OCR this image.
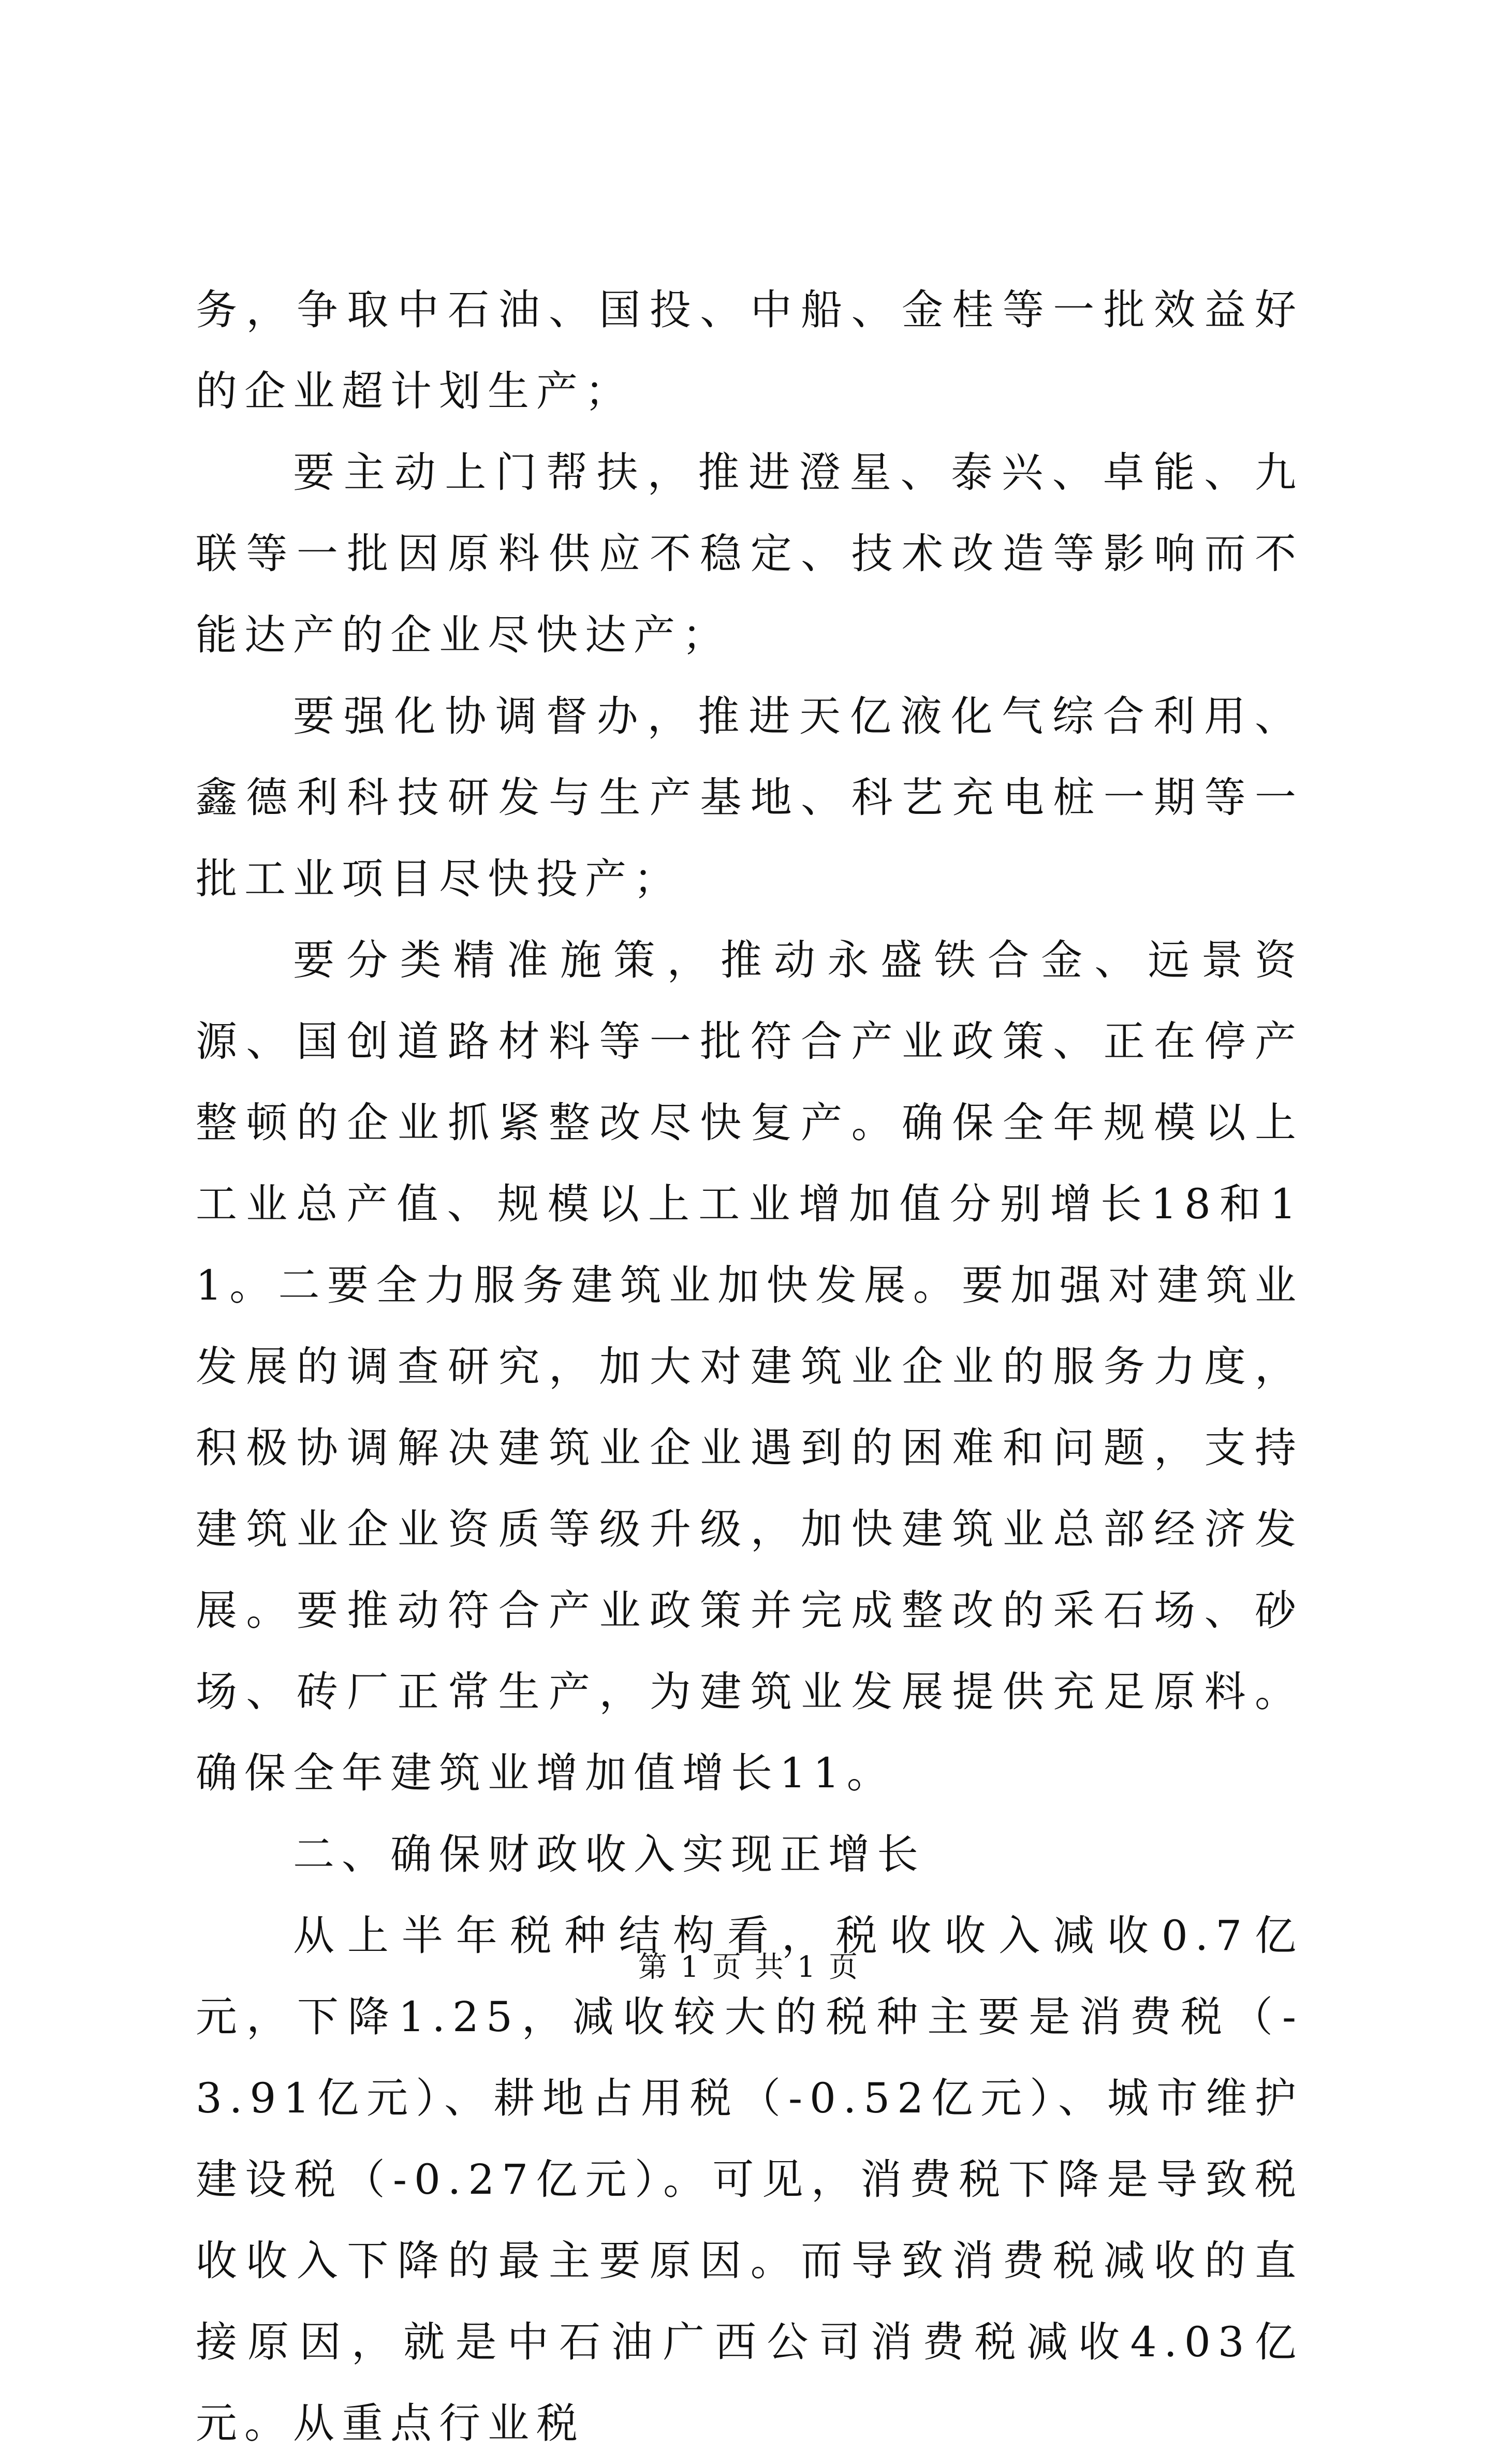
务，争取中石油、国投、中船、金桂等一批效益好的企业超计划生产；

要主动上门帮扶，推进澄星、泰兴、卓能、九联等一批因原料供应不稳定、技术改造等影响而不能达产的企业尽快达产；

要强化协调督办，推进天亿液化气综合利用、鑫德利科技研发与生产基地、科艺充电桩一期等一批工业项目尽快投产；

要分类精准施策，推动永盛铁合金、远景资源、国创道路材料等一批符合产业政策、正在停产整顿的企业抓紧整改尽快复产。确保全年规模以上工业总产值、规模以上工业增加值分别增长18和11。二要全力服务建筑业加快发展。要加强对建筑业发展的调查研究，加大对建筑业企业的服务力度，积极协调解决建筑业企业遇到的困难和问题，支持建筑业企业资质等级升级，加快建筑业总部经济发展。要推动符合产业政策并完成整改的采石场、砂场、砖厂正常生产，为建筑业发展提供充足原料。确保全年建筑业增加值增长11。

二、确保财政收入实现正增长

从上半年税种结构看，税收收入减收0.7亿元，下降1.25，减收较大的税种主要是消费税（-3.91亿元）、耕地占用税（-0.52亿元）、城市维护建设税（-0.27亿元）。可见，消费税下降是导致税收收入下降的最主要原因。而导致消费税减收的直接原因，就是中石油广西公司消费税减收4.03亿元。从重点行业税

第 1 页 共 1 页
